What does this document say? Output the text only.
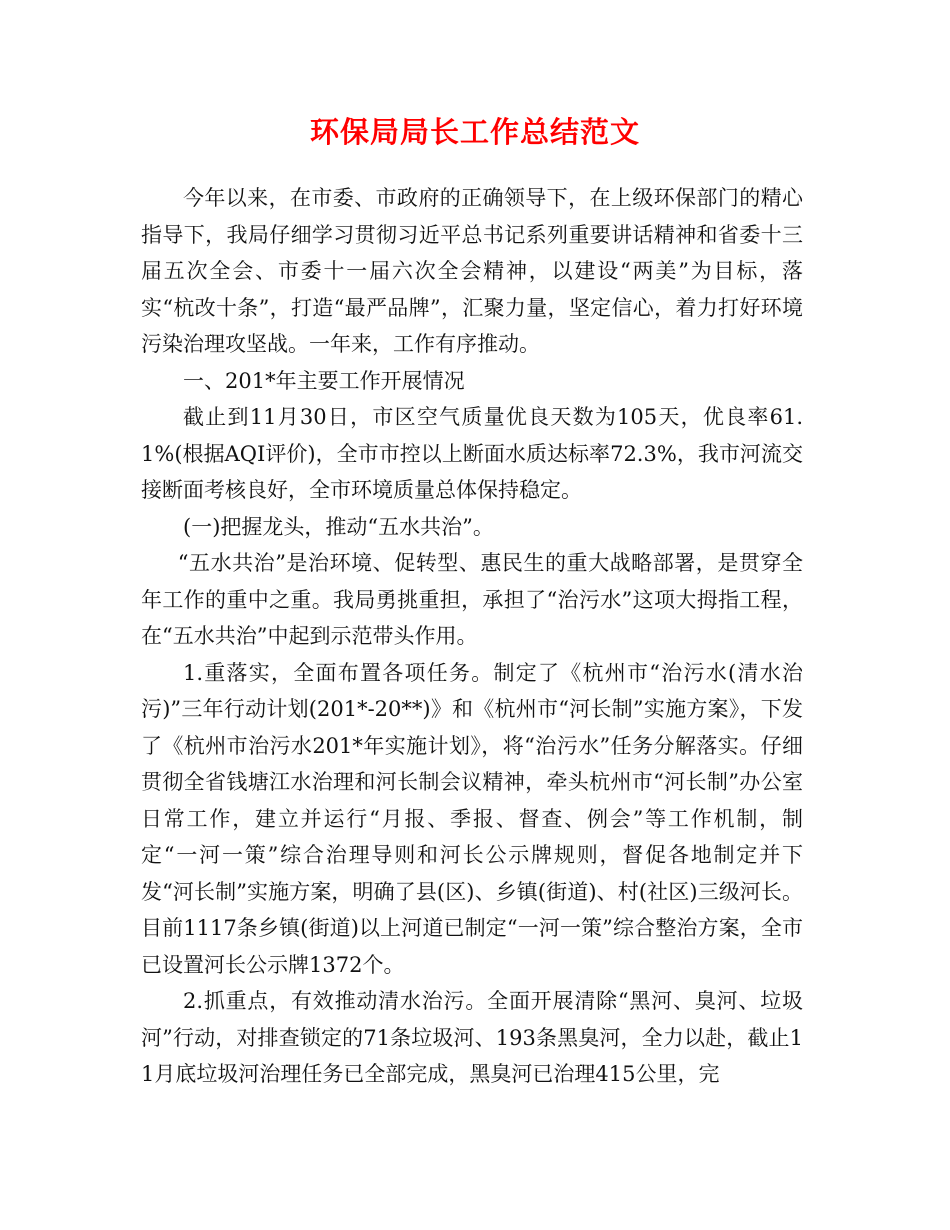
环保局局长工作总结范文

今年以来，在市委、市政府的正确领导下，在上级环保部门的精心指导下，我局仔细学习贯彻习近平总书记系列重要讲话精神和省委十三届五次全会、市委十一届六次全会精神，以建设“两美”为目标，落实“杭改十条”，打造“最严品牌”，汇聚力量，坚定信心，着力打好环境污染治理攻坚战。一年来，工作有序推动。

一、201*年主要工作开展情况

截止到11月30日，市区空气质量优良天数为105天，优良率61.1%(根据AQI评价)，全市市控以上断面水质达标率72.3%，我市河流交接断面考核良好，全市环境质量总体保持稳定。

(一)把握龙头，推动“五水共治”。

“五水共治”是治环境、促转型、惠民生的重大战略部署，是贯穿全年工作的重中之重。我局勇挑重担，承担了“治污水”这项大拇指工程，在“五水共治”中起到示范带头作用。

1.重落实，全面布置各项任务。制定了《杭州市“治污水(清水治污)”三年行动计划(201*-20**)》和《杭州市“河长制”实施方案》，下发了《杭州市治污水201*年实施计划》，将“治污水”任务分解落实。仔细贯彻全省钱塘江水治理和河长制会议精神，牵头杭州市“河长制”办公室日常工作，建立并运行“月报、季报、督查、例会”等工作机制，制定“一河一策”综合治理导则和河长公示牌规则，督促各地制定并下发“河长制”实施方案，明确了县(区)、乡镇(街道)、村(社区)三级河长。目前1117条乡镇(街道)以上河道已制定“一河一策”综合整治方案，全市已设置河长公示牌1372个。

2.抓重点，有效推动清水治污。全面开展清除“黑河、臭河、垃圾河”行动，对排查锁定的71条垃圾河、193条黑臭河，全力以赴，截止11月底垃圾河治理任务已全部完成，黑臭河已治理415公里，完
